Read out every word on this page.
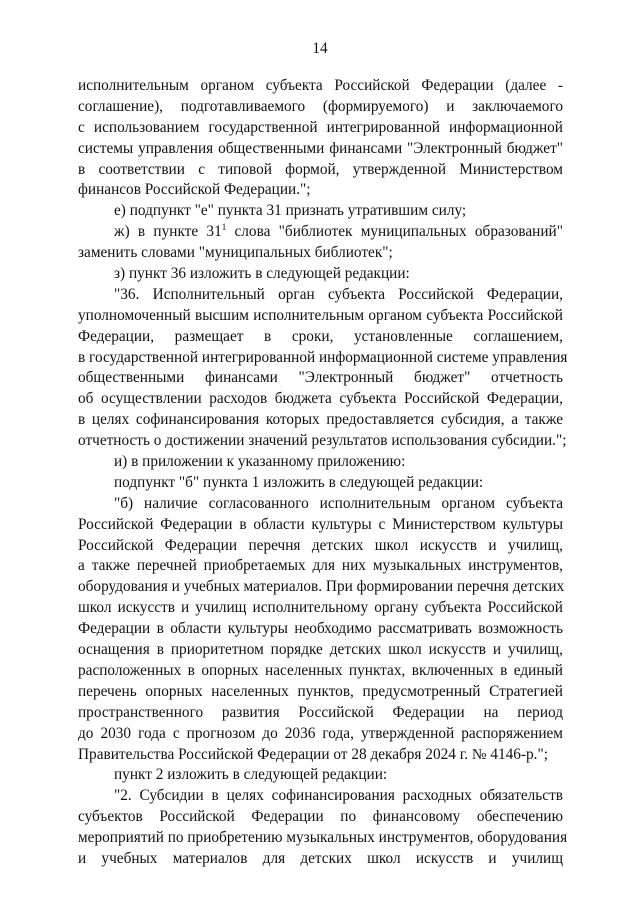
14
исполнительным органом субъекта Российской Федерации (далее -
соглашение), подготавливаемого (формируемого) и заключаемого
с использованием государственной интегрированной информационной
системы управления общественными финансами "Электронный бюджет"
в соответствии с типовой формой, утвержденной Министерством
финансов Российской Федерации.";
е) подпункт "е" пункта 31 признать утратившим силу;
ж) в пункте $31^1$ слова "библиотек муниципальных образований"
заменить словами "муниципальных библиотек";
з) пункт 36 изложить в следующей редакции:
"36. Исполнительный орган субъекта Российской Федерации,
уполномоченный высшим исполнительным органом субъекта Российской
Федерации, размещает в сроки, установленные соглашением,
в государственной интегрированной информационной системе управления
общественными финансами "Электронный бюджет" отчетность
об осуществлении расходов бюджета субъекта Российской Федерации,
в целях софинансирования которых предоставляется субсидия, а также
отчетность о достижении значений результатов использования субсидии.";
и) в приложении к указанному приложению:
подпункт "б" пункта 1 изложить в следующей редакции:
"б) наличие согласованного исполнительным органом субъекта
Российской Федерации в области культуры с Министерством культуры
Российской Федерации перечня детских школ искусств и училищ,
а также перечней приобретаемых для них музыкальных инструментов,
оборудования и учебных материалов. При формировании перечня детских
школ искусств и училищ исполнительному органу субъекта Российской
Федерации в области культуры необходимо рассматривать возможность
оснащения в приоритетном порядке детских школ искусств и училищ,
расположенных в опорных населенных пунктах, включенных в единый
перечень опорных населенных пунктов, предусмотренный Стратегией
пространственного развития Российской Федерации на период
до 2030 года с прогнозом до 2036 года, утвержденной распоряжением
Правительства Российской Федерации от 28 декабря 2024 г. № 4146-р.";
пункт 2 изложить в следующей редакции:
"2. Субсидии в целях софинансирования расходных обязательств
субъектов Российской Федерации по финансовому обеспечению
мероприятий по приобретению музыкальных инструментов, оборудования
и учебных материалов для детских школ искусств и училищ
